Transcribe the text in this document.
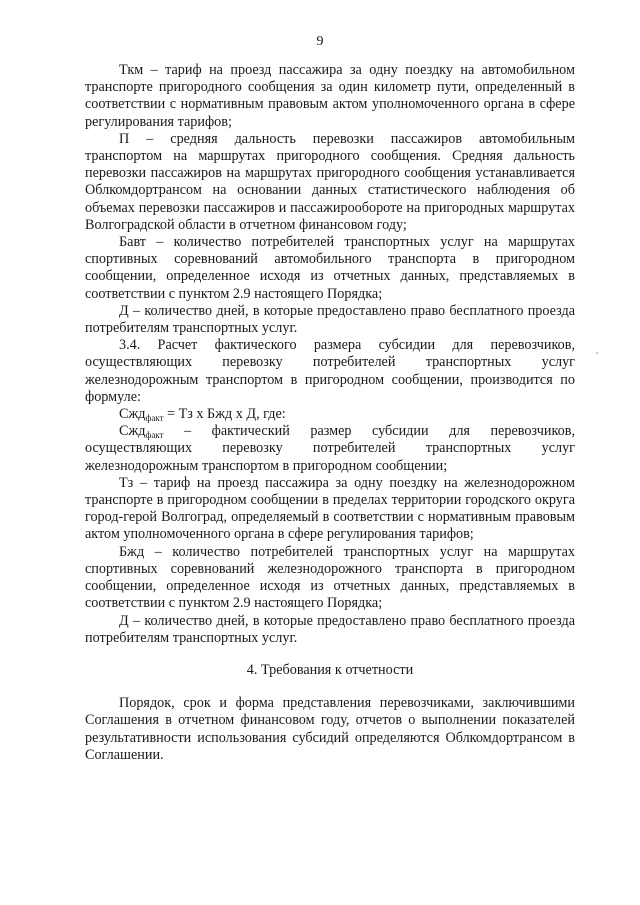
9

Ткм – тариф на проезд пассажира за одну поездку на автомобильном транспорте пригородного сообщения за один километр пути, определенный в соответствии с нормативным правовым актом уполномоченного органа в сфере регулирования тарифов;

П – средняя дальность перевозки пассажиров автомобильным транспортом на маршрутах пригородного сообщения. Средняя дальность перевозки пассажиров на маршрутах пригородного сообщения устанавливается Облкомдортрансом на основании данных статистического наблюдения об объемах перевозки пассажиров и пассажирообороте на пригородных маршрутах Волгоградской области в отчетном финансовом году;

Бавт – количество потребителей транспортных услуг на маршрутах спортивных соревнований автомобильного транспорта в пригородном сообщении, определенное исходя из отчетных данных, представляемых в соответствии с пунктом 2.9 настоящего Порядка;

Д – количество дней, в которые предоставлено право бесплатного проезда потребителям транспортных услуг.

3.4. Расчет фактического размера субсидии для перевозчиков, осуществляющих перевозку потребителей транспортных услуг железнодорожным транспортом в пригородном сообщении, производится по формуле:

Сжд$_{факт}$ = Тз х Бжд х Д, где:

Сжд$_{факт}$ – фактический размер субсидии для перевозчиков, осуществляющих перевозку потребителей транспортных услуг железнодорожным транспортом в пригородном сообщении;

Тз – тариф на проезд пассажира за одну поездку на железнодорожном транспорте в пригородном сообщении в пределах территории городского округа город-герой Волгоград, определяемый в соответствии с нормативным правовым актом уполномоченного органа в сфере регулирования тарифов;

Бжд – количество потребителей транспортных услуг на маршрутах спортивных соревнований железнодорожного транспорта в пригородном сообщении, определенное исходя из отчетных данных, представляемых в соответствии с пунктом 2.9 настоящего Порядка;

Д – количество дней, в которые предоставлено право бесплатного проезда потребителям транспортных услуг.

4. Требования к отчетности

Порядок, срок и форма представления перевозчиками, заключившими Соглашения в отчетном финансовом году, отчетов о выполнении показателей результативности использования субсидий определяются Облкомдортрансом в Соглашении.
